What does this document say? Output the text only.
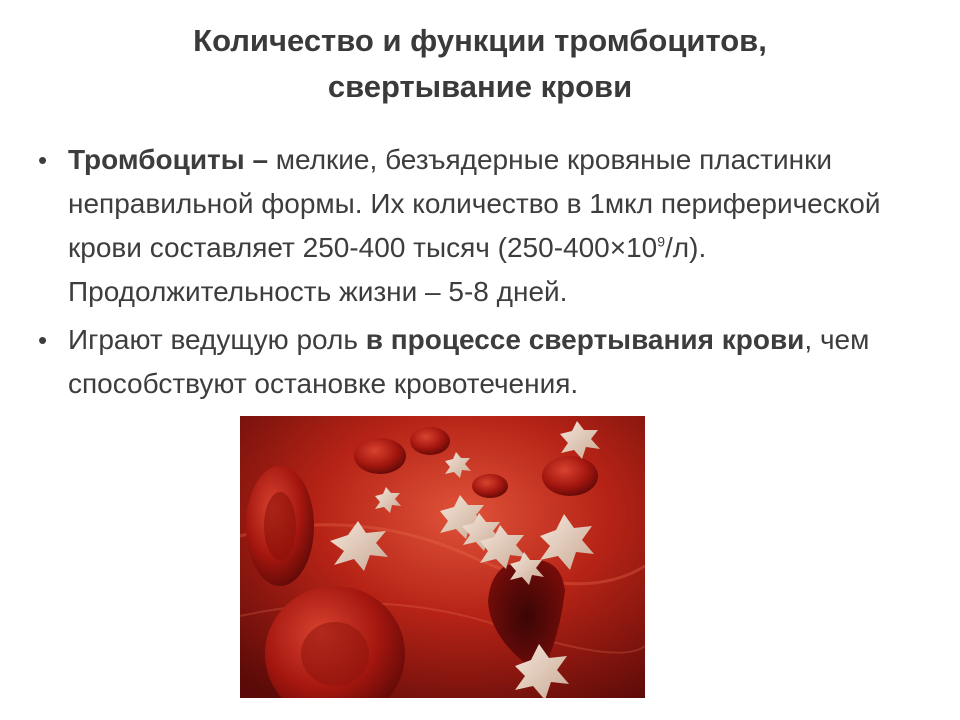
Количество и функции тромбоцитов,
свертывание крови
• Тромбоциты – мелкие, безъядерные кровяные пластинки неправильной формы. Их количество в 1мкл периферической крови составляет 250-400 тысяч $(250-400\times 10^9/л)$. Продолжительность жизни – 5-8 дней.
• Играют ведущую роль в процессе свертывания крови, чем способствуют остановке кровотечения.
